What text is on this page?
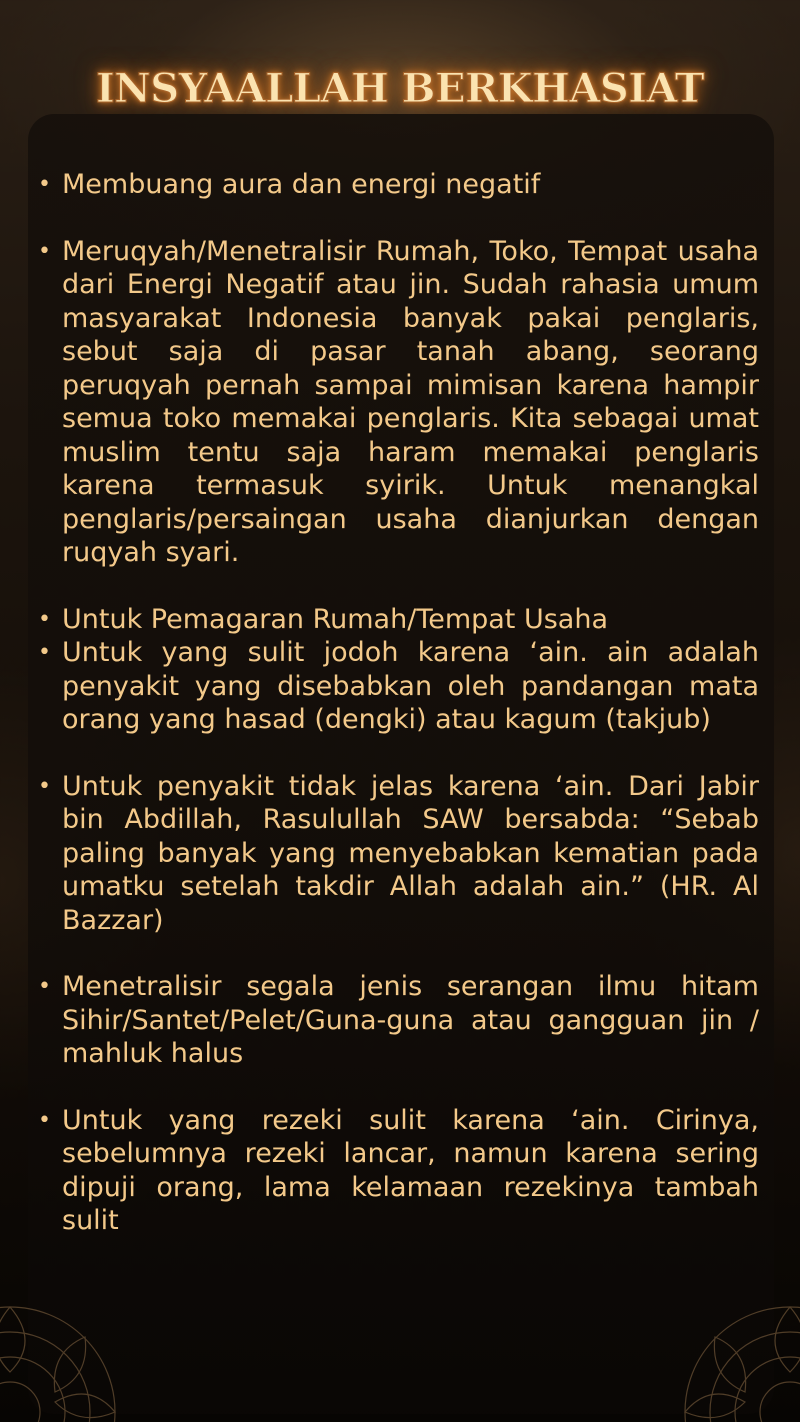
INSYAALLAH BERKHASIAT
• Membuang aura dan energi negatif
• Meruqyah/Menetralisir Rumah, Toko, Tempat usaha dari Energi Negatif atau jin. Sudah rahasia umum masyarakat Indonesia banyak pakai penglaris, sebut saja di pasar tanah abang, seorang peruqyah pernah sampai mimisan karena hampir semua toko memakai penglaris. Kita sebagai umat muslim tentu saja haram memakai penglaris karena termasuk syirik. Untuk menangkal penglaris/persaingan usaha dianjurkan dengan ruqyah syari.
• Untuk Pemagaran Rumah/Tempat Usaha
• Untuk yang sulit jodoh karena ‘ain. ain adalah penyakit yang disebabkan oleh pandangan mata orang yang hasad (dengki) atau kagum (takjub)
• Untuk penyakit tidak jelas karena ‘ain. Dari Jabir bin Abdillah, Rasulullah SAW bersabda: “Sebab paling banyak yang menyebabkan kematian pada umatku setelah takdir Allah adalah ain.” (HR. Al Bazzar)
• Menetralisir segala jenis serangan ilmu hitam Sihir/Santet/Pelet/Guna-guna atau gangguan jin / mahluk halus
• Untuk yang rezeki sulit karena ‘ain. Cirinya, sebelumnya rezeki lancar, namun karena sering dipuji orang, lama kelamaan rezekinya tambah sulit
